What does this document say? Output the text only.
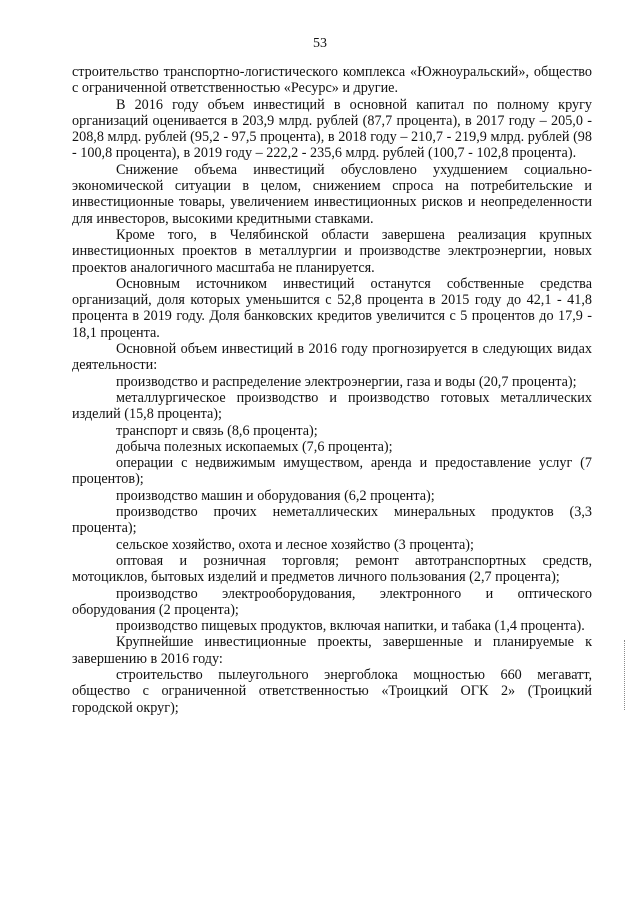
53

строительство транспортно-логистического комплекса «Южноуральский», общество с ограниченной ответственностью «Ресурс» и другие.

В 2016 году объем инвестиций в основной капитал по полному кругу организаций оценивается в 203,9 млрд. рублей (87,7 процента), в 2017 году – 205,0 - 208,8 млрд. рублей (95,2 - 97,5 процента), в 2018 году – 210,7 - 219,9 млрд. рублей (98 - 100,8 процента), в 2019 году – 222,2 - 235,6 млрд. рублей (100,7 - 102,8 процента).

Снижение объема инвестиций обусловлено ухудшением социально-экономической ситуации в целом, снижением спроса на потребительские и инвестиционные товары, увеличением инвестиционных рисков и неопределенности для инвесторов, высокими кредитными ставками.

Кроме того, в Челябинской области завершена реализация крупных инвестиционных проектов в металлургии и производстве электроэнергии, новых проектов аналогичного масштаба не планируется.

Основным источником инвестиций останутся собственные средства организаций, доля которых уменьшится с 52,8 процента в 2015 году до 42,1 - 41,8 процента в 2019 году. Доля банковских кредитов увеличится с 5 процентов до 17,9 - 18,1 процента.

Основной объем инвестиций в 2016 году прогнозируется в следующих видах деятельности:

производство и распределение электроэнергии, газа и воды (20,7 процента);

металлургическое производство и производство готовых металлических изделий (15,8 процента);

транспорт и связь (8,6 процента);

добыча полезных ископаемых (7,6 процента);

операции с недвижимым имуществом, аренда и предоставление услуг (7 процентов);

производство машин и оборудования (6,2 процента);

производство прочих неметаллических минеральных продуктов (3,3 процента);

сельское хозяйство, охота и лесное хозяйство (3 процента);

оптовая и розничная торговля; ремонт автотранспортных средств, мотоциклов, бытовых изделий и предметов личного пользования (2,7 процента);

производство электрооборудования, электронного и оптического оборудования (2 процента);

производство пищевых продуктов, включая напитки, и табака (1,4 процента).

Крупнейшие инвестиционные проекты, завершенные и планируемые к завершению в 2016 году:

строительство пылеугольного энергоблока мощностью 660 мегаватт, общество с ограниченной ответственностью «Троицкий ОГК 2» (Троицкий городской округ);
